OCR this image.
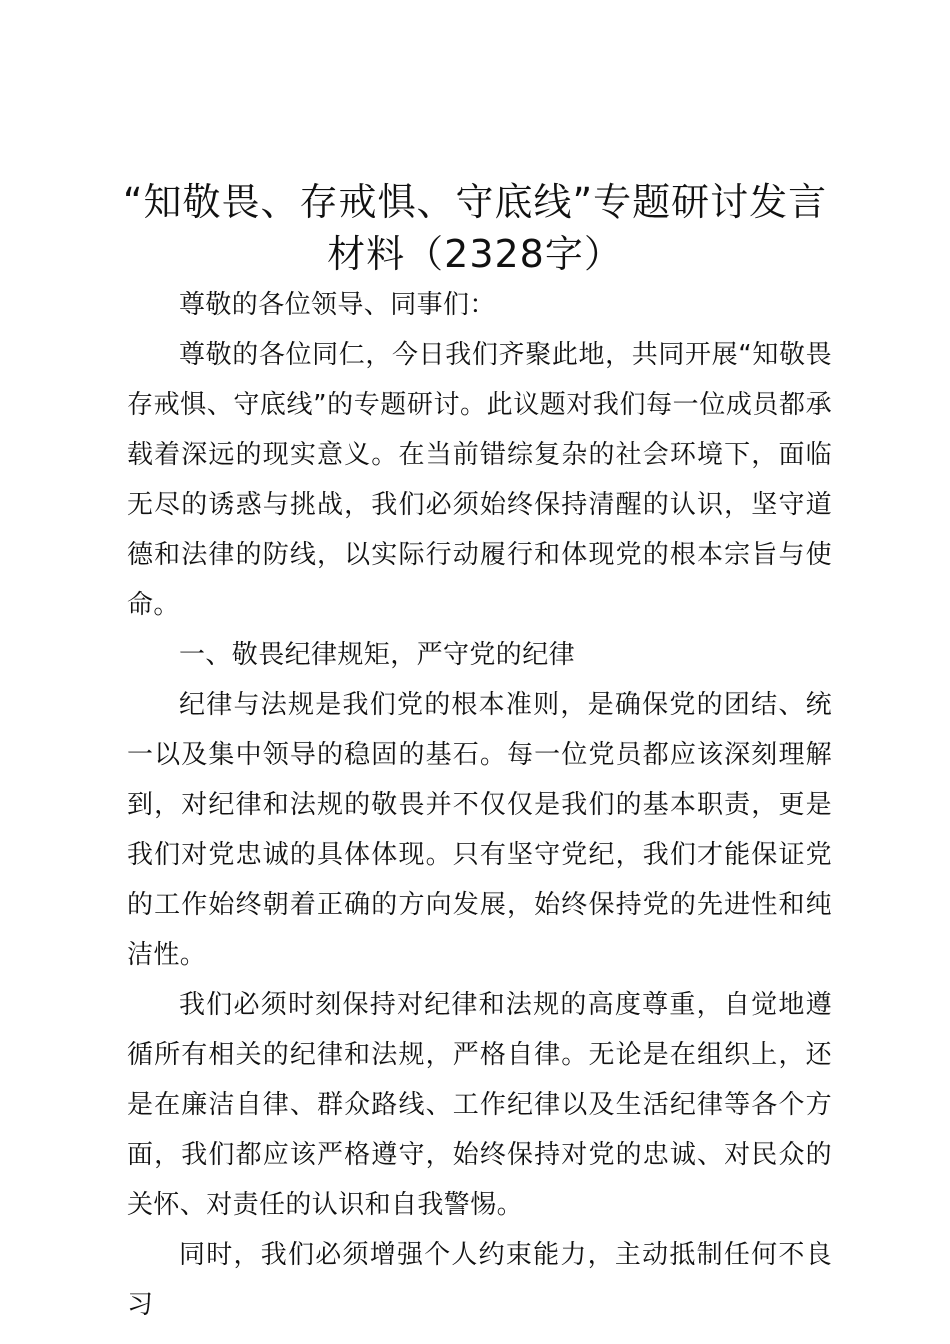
“知敬畏、存戒惧、守底线”专题研讨发言材料（2328字）

尊敬的各位领导、同事们：

尊敬的各位同仁，今日我们齐聚此地，共同开展“知敬畏存戒惧、守底线”的专题研讨。此议题对我们每一位成员都承载着深远的现实意义。在当前错综复杂的社会环境下，面临无尽的诱惑与挑战，我们必须始终保持清醒的认识，坚守道德和法律的防线，以实际行动履行和体现党的根本宗旨与使命。

一、敬畏纪律规矩，严守党的纪律

纪律与法规是我们党的根本准则，是确保党的团结、统一以及集中领导的稳固的基石。每一位党员都应该深刻理解到，对纪律和法规的敬畏并不仅仅是我们的基本职责，更是我们对党忠诚的具体体现。只有坚守党纪，我们才能保证党的工作始终朝着正确的方向发展，始终保持党的先进性和纯洁性。

我们必须时刻保持对纪律和法规的高度尊重，自觉地遵循所有相关的纪律和法规，严格自律。无论是在组织上，还是在廉洁自律、群众路线、工作纪律以及生活纪律等各个方面，我们都应该严格遵守，始终保持对党的忠诚、对民众的关怀、对责任的认识和自我警惕。

同时，我们必须增强个人约束能力，主动抵制任何不良习
